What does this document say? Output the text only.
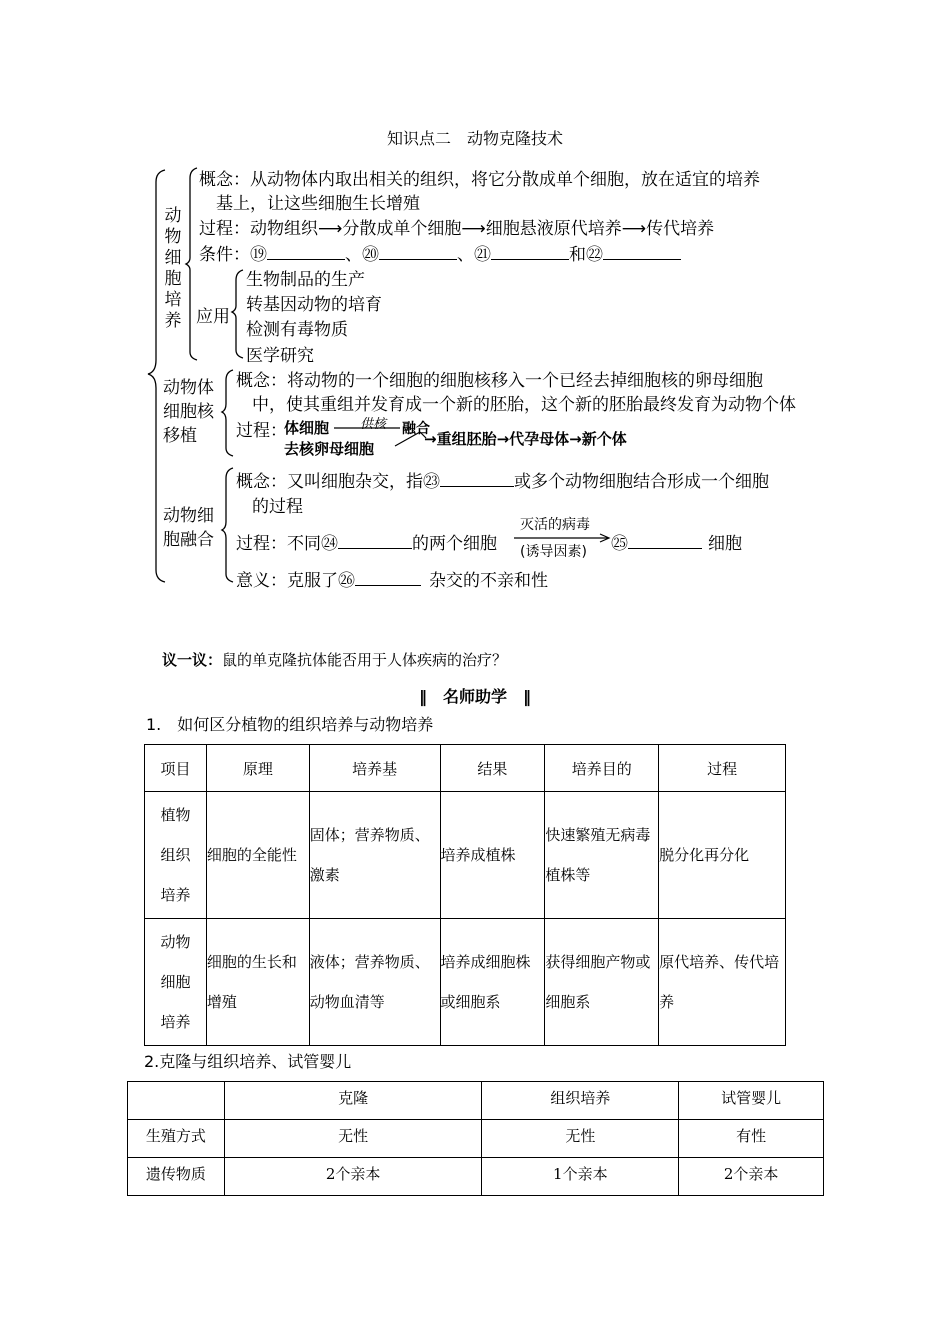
知识点二　动物克隆技术
动
物
细
胞
培
养
概念：从动物体内取出相关的组织，将它分散成单个细胞，放在适宜的培养
基上，让这些细胞生长增殖
过程：动物组织⟶分散成单个细胞⟶细胞悬液原代培养⟶传代培养
条件：⑲	、⑳	、㉑	和㉒
应用
生物制品的生产
转基因动物的培育
检测有毒物质
医学研究
动物体
细胞核
移植
概念：将动物的一个细胞的细胞核移入一个已经去掉细胞核的卵母细胞
中，使其重组并发育成一个新的胚胎，这个新的胚胎最终发育为动物个体
过程：
体细胞 供核 融合
去核卵母细胞
→重组胚胎→代孕母体→新个体
动物细
胞融合
概念：又叫细胞杂交，指㉓	或多个动物细胞结合形成一个细胞
的过程
过程：不同㉔	的两个细胞
灭活的病毒
(诱导因素) ㉕	细胞
意义：克服了㉖	杂交的不亲和性
议一议：鼠的单克隆抗体能否用于人体疾病的治疗？
‖　名师助学　‖
1.　如何区分植物的组织培养与动物培养
项目	原理	培养基	结果	培养目的	过程

植物
组织
培养	细胞的全能性	固体；营养物质、激素	培养成植株	快速繁殖无病毒植株等	脱分化再分化

动物
细胞
培养	细胞的生长和增殖	液体；营养物质、动物血清等	培养成细胞株或细胞系	获得细胞产物或细胞系	原代培养、传代培养
2.克隆与组织培养、试管婴儿
	克隆	组织培养	试管婴儿
生殖方式	无性	无性	有性
遗传物质	2个亲本	1个亲本	2个亲本
